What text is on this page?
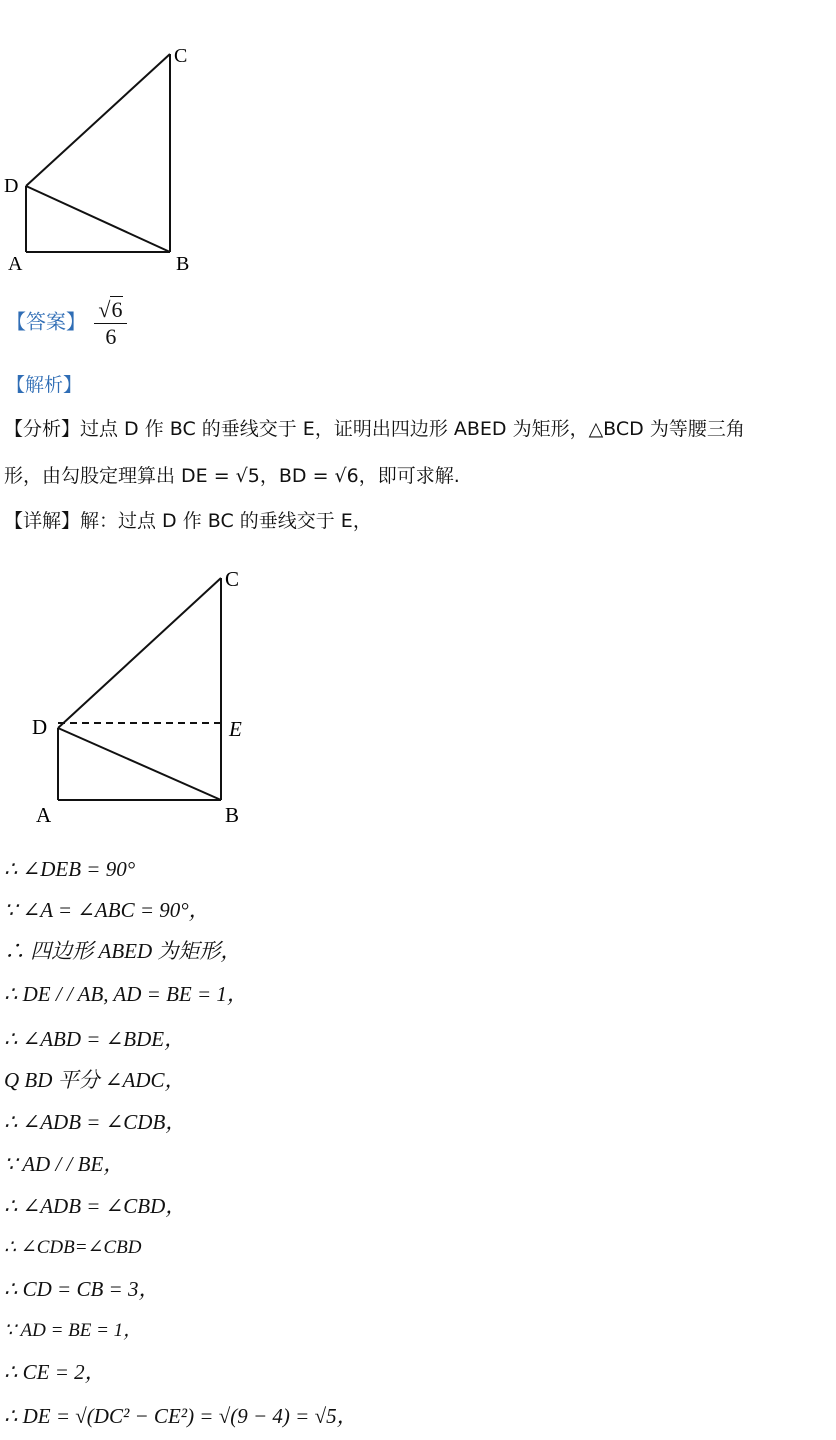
C
D
A	B
【答案】 $\frac{√6}{6}$
【解析】
【分析】过点 D 作 BC 的垂线交于 E，证明出四边形 ABED 为矩形，△BCD 为等腰三角
形，由勾股定理算出 DE = √5，BD = √6，即可求解.
【详解】解：过点 D 作 BC 的垂线交于 E，
C
D	E
A	B
∴ ∠DEB = 90°
∵ ∠A = ∠ABC = 90°，
∴ 四边形 ABED 为矩形，
∴ DE / / AB, AD = BE = 1，
∴ ∠ABD = ∠BDE，
Q BD 平分 ∠ADC，
∴ ∠ADB = ∠CDB，
∵ AD / / BE，
∴ ∠ADB = ∠CBD，
∴ ∠CDB=∠CBD
∴ CD = CB = 3，
∵ AD = BE = 1，
∴ CE = 2，
∴ DE = √(DC² − CE²) = √(9 − 4) = √5，
